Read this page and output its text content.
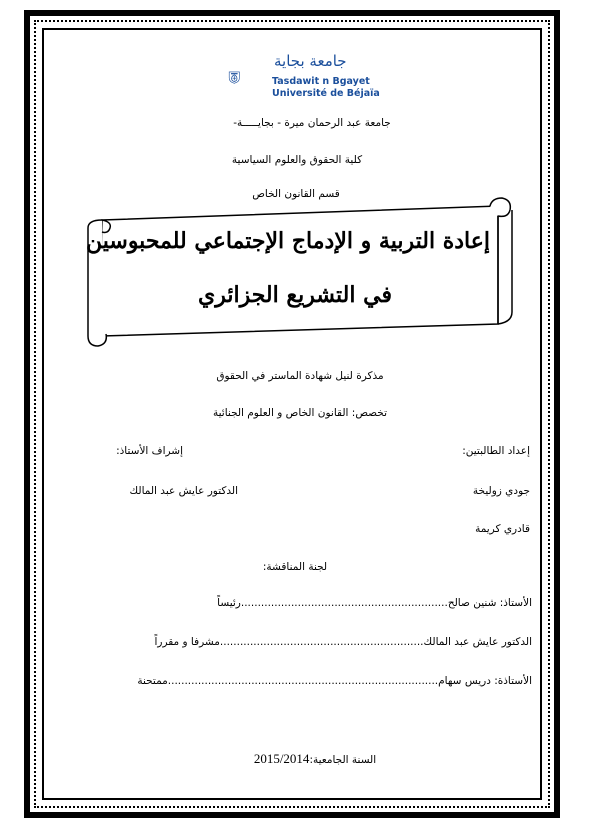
جامعة بجاية
Tasdawit n Bgayet
Université de Béjaïa
جامعة عبد الرحمان ميرة - بجايـــــة-
كلية الحقوق والعلوم السياسية
قسم القانون الخاص
إعادة التربية و الإدماج الإجتماعي للمحبوسين
في التشريع الجزائري
مذكرة لنيل شهادة الماستر في الحقوق
تخصص: القانون الخاص و العلوم الجنائية
إعداد الطالبتين:
إشراف الأستاذ:
جودي زوليخة
الدكتور عايش عبد المالك
قادري كريمة
لجنة المناقشة:
الأستاذ: شنين صالح..............................................................رئيساً
الدكتور عايش عبد المالك.............................................................مشرفا و مقرراً
الأستاذة: دريس سهام.................................................................................ممتحنة
السنة الجامعية:2015/2014
